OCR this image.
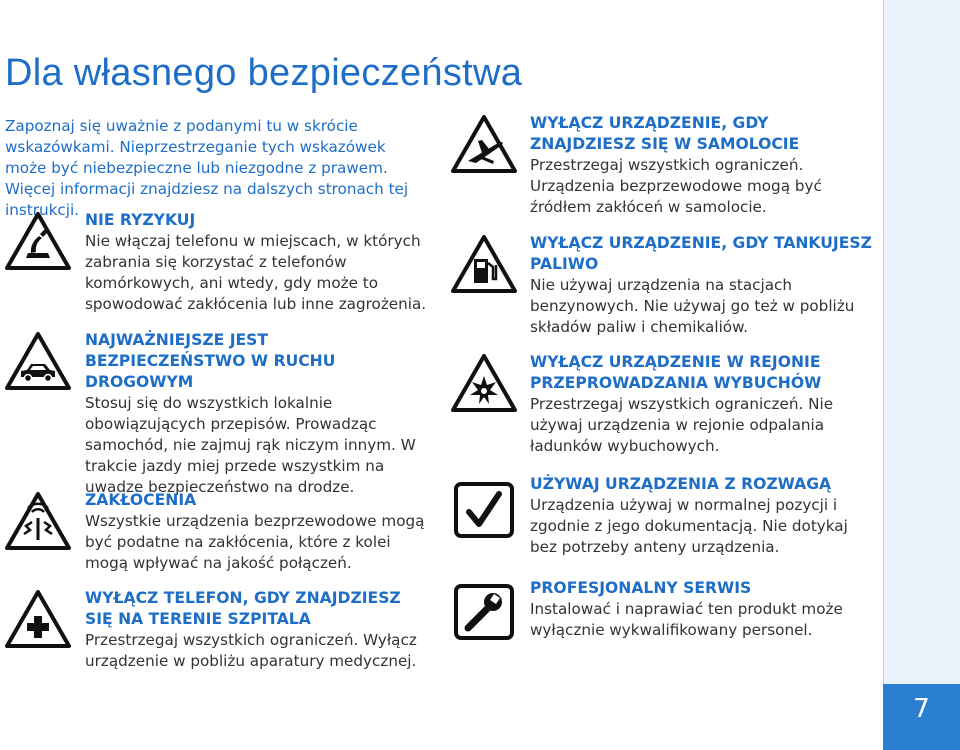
7
Dla własnego bezpieczeństwa
Zapoznaj się uważnie z podanymi tu w skrócie wskazówkami. Nieprzestrzeganie tych wskazówek może być niebezpieczne lub niezgodne z prawem. Więcej informacji znajdziesz na dalszych stronach tej instrukcji.
NIE RYZYKUJ
Nie włączaj telefonu w miejscach, w których zabrania się korzystać z telefonów komórkowych, ani wtedy, gdy może to spowodować zakłócenia lub inne zagrożenia.
NAJWAŻNIEJSZE JEST BEZPIECZEŃSTWO W RUCHU DROGOWYM
Stosuj się do wszystkich lokalnie obowiązujących przepisów. Prowadząc samochód, nie zajmuj rąk niczym innym. W trakcie jazdy miej przede wszystkim na uwadze bezpieczeństwo na drodze.
ZAKŁÓCENIA
Wszystkie urządzenia bezprzewodowe mogą być podatne na zakłócenia, które z kolei mogą wpływać na jakość połączeń.
WYŁĄCZ TELEFON, GDY ZNAJDZIESZ SIĘ NA TERENIE SZPITALA
Przestrzegaj wszystkich ograniczeń. Wyłącz urządzenie w pobliżu aparatury medycznej.
WYŁĄCZ URZĄDZENIE, GDY ZNAJDZIESZ SIĘ W SAMOLOCIE
Przestrzegaj wszystkich ograniczeń. Urządzenia bezprzewodowe mogą być źródłem zakłóceń w samolocie.
WYŁĄCZ URZĄDZENIE, GDY TANKUJESZ PALIWO
Nie używaj urządzenia na stacjach benzynowych. Nie używaj go też w pobliżu składów paliw i chemikaliów.
WYŁĄCZ URZĄDZENIE W REJONIE PRZEPROWADZANIA WYBUCHÓW
Przestrzegaj wszystkich ograniczeń. Nie używaj urządzenia w rejonie odpalania ładunków wybuchowych.
UŻYWAJ URZĄDZENIA Z ROZWAGĄ
Urządzenia używaj w normalnej pozycji i zgodnie z jego dokumentacją. Nie dotykaj bez potrzeby anteny urządzenia.
PROFESJONALNY SERWIS
Instalować i naprawiać ten produkt może wyłącznie wykwalifikowany personel.
